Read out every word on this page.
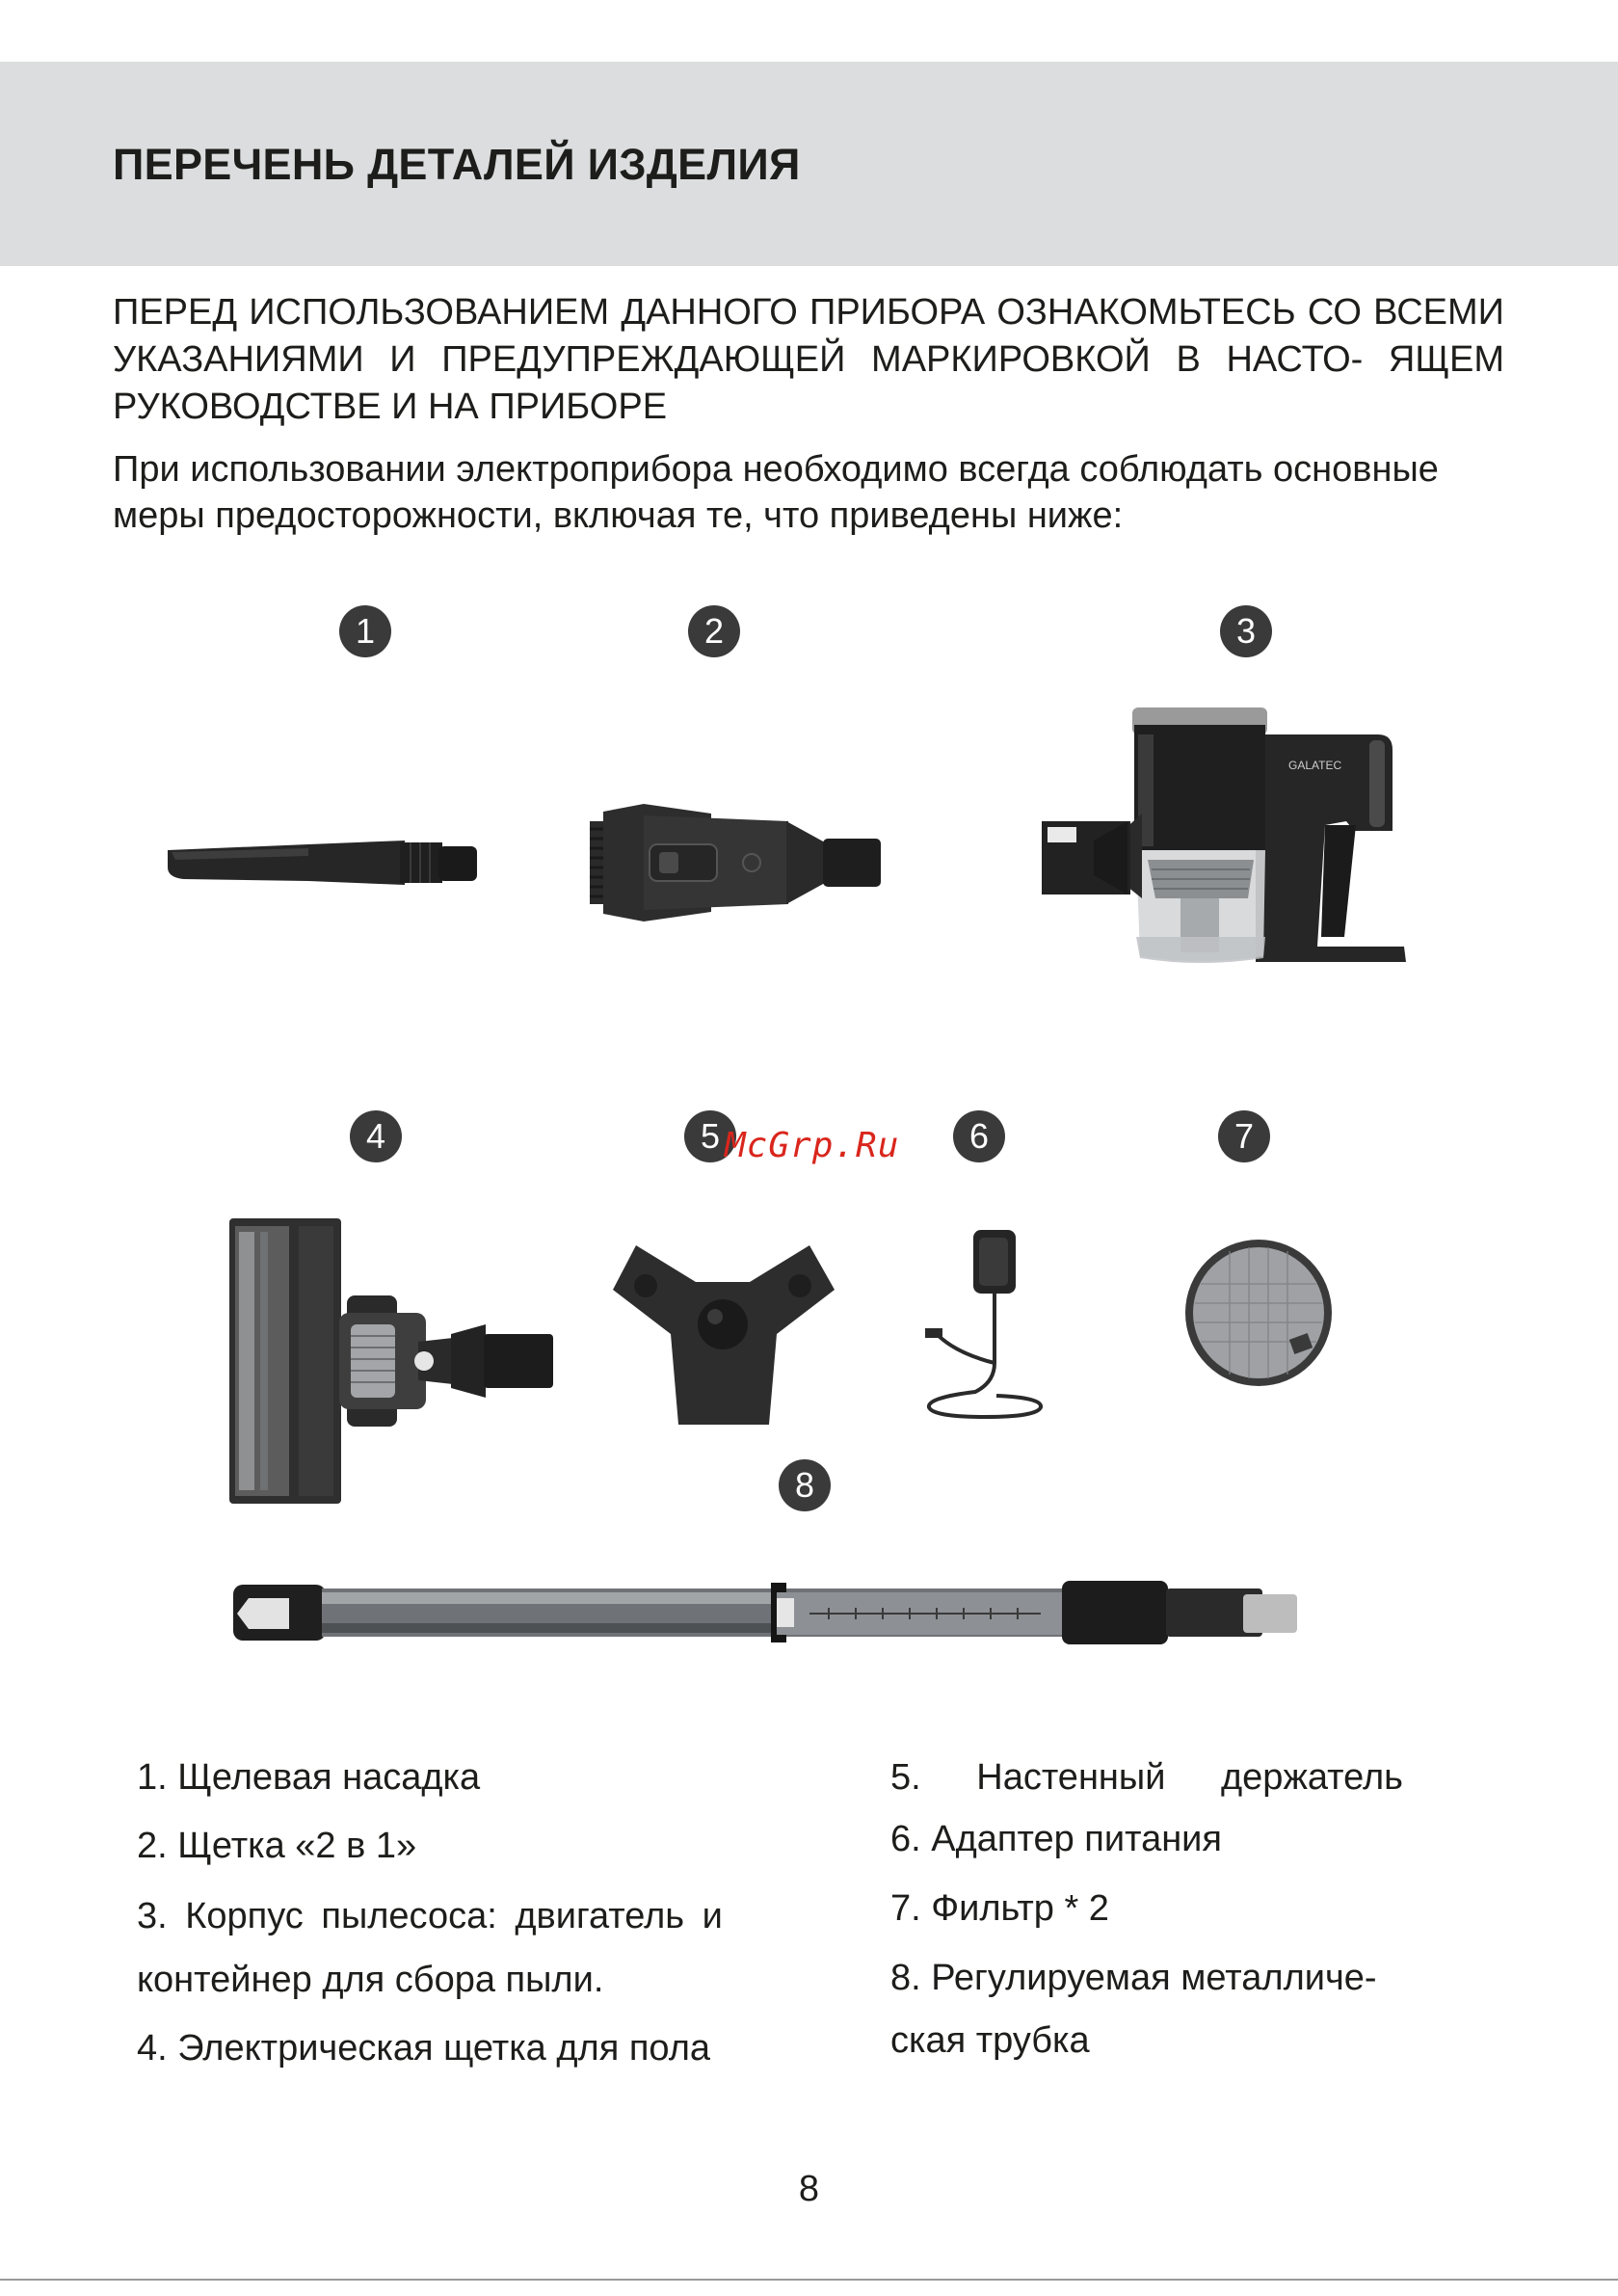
ПЕРЕЧЕНЬ ДЕТАЛЕЙ ИЗДЕЛИЯ

ПЕРЕД ИСПОЛЬЗОВАНИЕМ ДАННОГО ПРИБОРА ОЗНАКОМЬТЕСЬ СО ВСЕМИ УКАЗАНИЯМИ И ПРЕДУПРЕЖДАЮЩЕЙ МАРКИРОВКОЙ В НАСТО- ЯЩЕМ РУКОВОДСТВЕ И НА ПРИБОРЕ

При использовании электроприбора необходимо всегда соблюдать основные меры предосторожности, включая те, что приведены ниже:

1	2	3
4	5	6	7
8
GALATEC
McGrp.Ru

1. Щелевая насадка

2. Щетка «2 в 1»

3. Корпус пылесоса: двигатель и

контейнер для сбора пыли.

4. Электрическая щетка для пола

5. Настенный держатель

6. Адаптер питания

7. Фильтр * 2

8. Регулируемая металличе-

ская трубка

8
